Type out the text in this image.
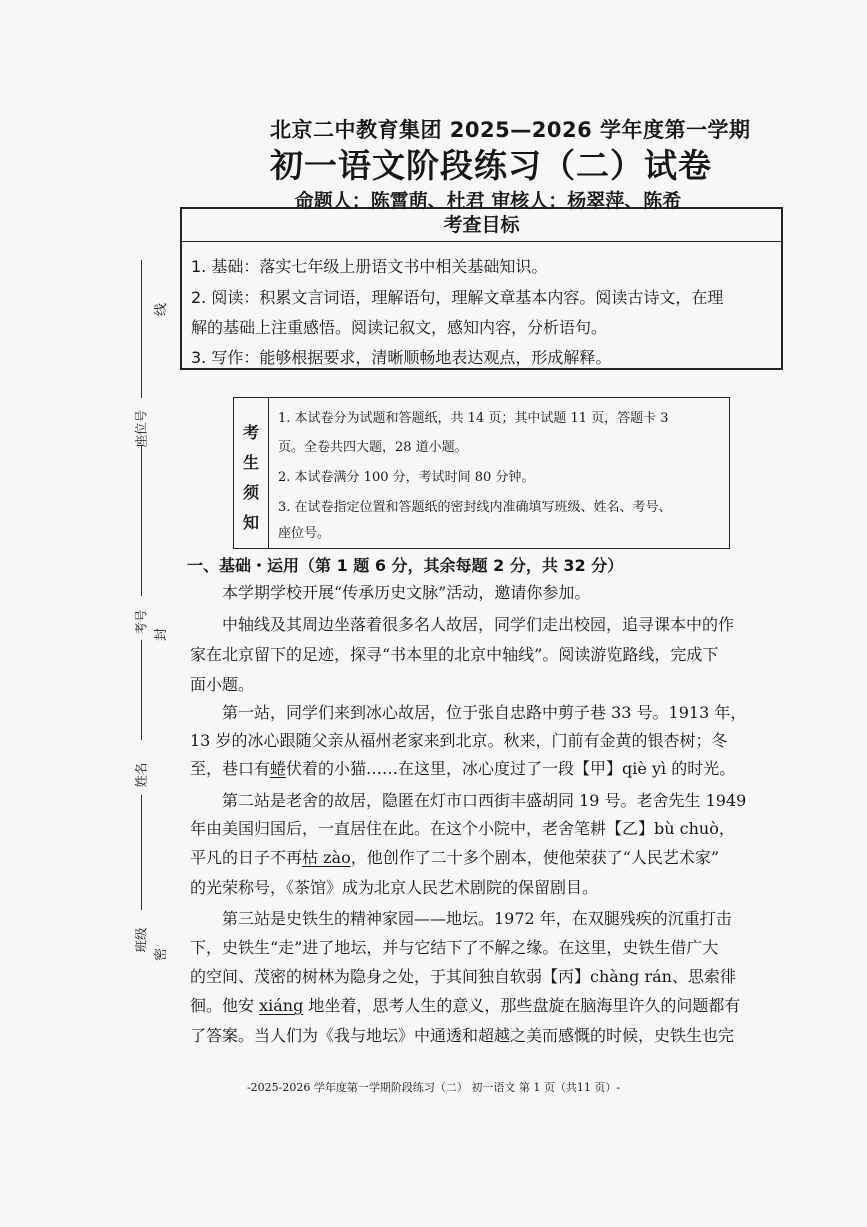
北京二中教育集团 2025—2026 学年度第一学期
初一语文阶段练习（二）试卷
命题人：陈霄萌、杜君 审核人：杨翠萍、陈希
考查目标
1. 基础：落实七年级上册语文书中相关基础知识。
2. 阅读：积累文言词语，理解语句，理解文章基本内容。阅读古诗文，在理
解的基础上注重感悟。阅读记叙文，感知内容，分析语句。
3. 写作：能够根据要求，清晰顺畅地表达观点，形成解释。
考
生
须
知
1. 本试卷分为试题和答题纸，共 14 页；其中试题 11 页，答题卡 3
页。全卷共四大题，28 道小题。
2. 本试卷满分 100 分，考试时间 80 分钟。
3. 在试卷指定位置和答题纸的密封线内准确填写班级、姓名、考号、
座位号。
座位号
考号
姓名
班级
线
封
密
一、基础・运用（第 1 题 6 分，其余每题 2 分，共 32 分）
本学期学校开展“传承历史文脉”活动，邀请你参加。
中轴线及其周边坐落着很多名人故居，同学们走出校园，追寻课本中的作
家在北京留下的足迹，探寻“书本里的北京中轴线”。阅读游览路线，完成下
面小题。
第一站，同学们来到冰心故居，位于张自忠路中剪子巷 33 号。1913 年，
13 岁的冰心跟随父亲从福州老家来到北京。秋来，门前有金黄的银杏树；冬
至，巷口有蜷伏着的小猫……在这里，冰心度过了一段【甲】qiè yì 的时光。
第二站是老舍的故居，隐匿在灯市口西街丰盛胡同 19 号。老舍先生 1949
年由美国归国后，一直居住在此。在这个小院中，老舍笔耕【乙】bù chuò，
平凡的日子不再枯 zào，他创作了二十多个剧本，使他荣获了“人民艺术家”
的光荣称号，《茶馆》成为北京人民艺术剧院的保留剧目。
第三站是史铁生的精神家园——地坛。1972 年，在双腿残疾的沉重打击
下，史铁生“走”进了地坛，并与它结下了不解之缘。在这里，史铁生借广大
的空间、茂密的树林为隐身之处，于其间独自软弱【丙】chàng rán、思索徘
徊。他安 xiáng 地坐着，思考人生的意义，那些盘旋在脑海里许久的问题都有
了答案。当人们为《我与地坛》中通透和超越之美而感慨的时候，史铁生也完
-2025-2026 学年度第一学期阶段练习（二） 初一语文 第 1 页（共11 页）-
